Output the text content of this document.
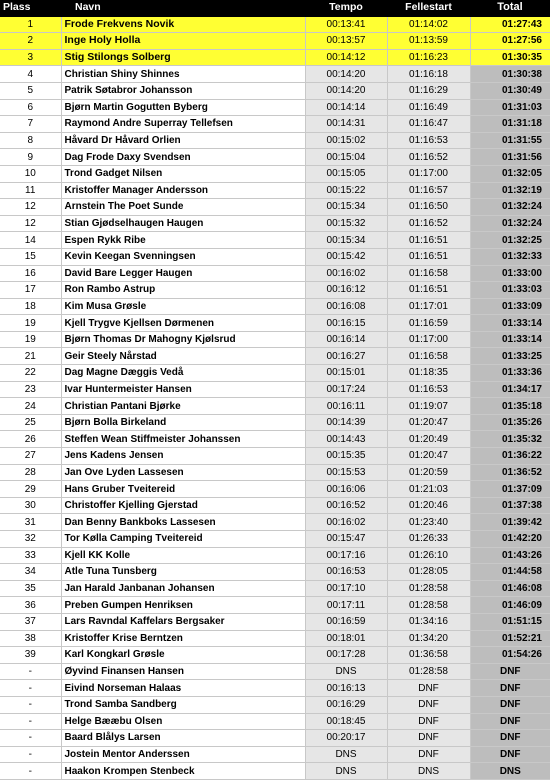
Plass	Navn	Tempo	Fellestart	Total
1	Frode Frekvens Novik	00:13:41	01:14:02	01:27:43
2	Inge Holy Holla	00:13:57	01:13:59	01:27:56
3	Stig Stilongs Solberg	00:14:12	01:16:23	01:30:35
4	Christian Shiny Shinnes	00:14:20	01:16:18	01:30:38
5	Patrik Søtabror Johansson	00:14:20	01:16:29	01:30:49
6	Bjørn Martin Gogutten Byberg	00:14:14	01:16:49	01:31:03
7	Raymond Andre Superray Tellefsen	00:14:31	01:16:47	01:31:18
8	Håvard Dr Håvard Orlien	00:15:02	01:16:53	01:31:55
9	Dag Frode Daxy Svendsen	00:15:04	01:16:52	01:31:56
10	Trond Gadget Nilsen	00:15:05	01:17:00	01:32:05
11	Kristoffer Manager Andersson	00:15:22	01:16:57	01:32:19
12	Arnstein The Poet Sunde	00:15:34	01:16:50	01:32:24
12	Stian Gjødselhaugen Haugen	00:15:32	01:16:52	01:32:24
14	Espen Rykk Ribe	00:15:34	01:16:51	01:32:25
15	Kevin Keegan Svenningsen	00:15:42	01:16:51	01:32:33
16	David Bare Legger Haugen	00:16:02	01:16:58	01:33:00
17	Ron Rambo Astrup	00:16:12	01:16:51	01:33:03
18	Kim Musa Grøsle	00:16:08	01:17:01	01:33:09
19	Kjell Trygve Kjellsen Dørmenen	00:16:15	01:16:59	01:33:14
19	Bjørn Thomas Dr Mahogny Kjølsrud	00:16:14	01:17:00	01:33:14
21	Geir Steely Nårstad	00:16:27	01:16:58	01:33:25
22	Dag Magne Dæggis Vedå	00:15:01	01:18:35	01:33:36
23	Ivar Huntermeister Hansen	00:17:24	01:16:53	01:34:17
24	Christian Pantani Bjørke	00:16:11	01:19:07	01:35:18
25	Bjørn Bolla Birkeland	00:14:39	01:20:47	01:35:26
26	Steffen Wean Stiffmeister Johanssen	00:14:43	01:20:49	01:35:32
27	Jens Kadens Jensen	00:15:35	01:20:47	01:36:22
28	Jan Ove Lyden Lassesen	00:15:53	01:20:59	01:36:52
29	Hans Gruber Tveitereid	00:16:06	01:21:03	01:37:09
30	Christoffer Kjelling Gjerstad	00:16:52	01:20:46	01:37:38
31	Dan Benny Bankboks Lassesen	00:16:02	01:23:40	01:39:42
32	Tor Kølla Camping Tveitereid	00:15:47	01:26:33	01:42:20
33	Kjell KK Kolle	00:17:16	01:26:10	01:43:26
34	Atle Tuna Tunsberg	00:16:53	01:28:05	01:44:58
35	Jan Harald Janbanan Johansen	00:17:10	01:28:58	01:46:08
36	Preben Gumpen Henriksen	00:17:11	01:28:58	01:46:09
37	Lars Ravndal Kaffelars Bergsaker	00:16:59	01:34:16	01:51:15
38	Kristoffer Krise Berntzen	00:18:01	01:34:20	01:52:21
39	Karl Kongkarl Grøsle	00:17:28	01:36:58	01:54:26
-	Øyvind Finansen Hansen	DNS	01:28:58	DNF
-	Eivind Norseman Halaas	00:16:13	DNF	DNF
-	Trond Samba Sandberg	00:16:29	DNF	DNF
-	Helge Bææbu Olsen	00:18:45	DNF	DNF
-	Baard Blålys Larsen	00:20:17	DNF	DNF
-	Jostein Mentor Anderssen	DNS	DNF	DNF
-	Haakon Krompen Stenbeck	DNS	DNS	DNS
